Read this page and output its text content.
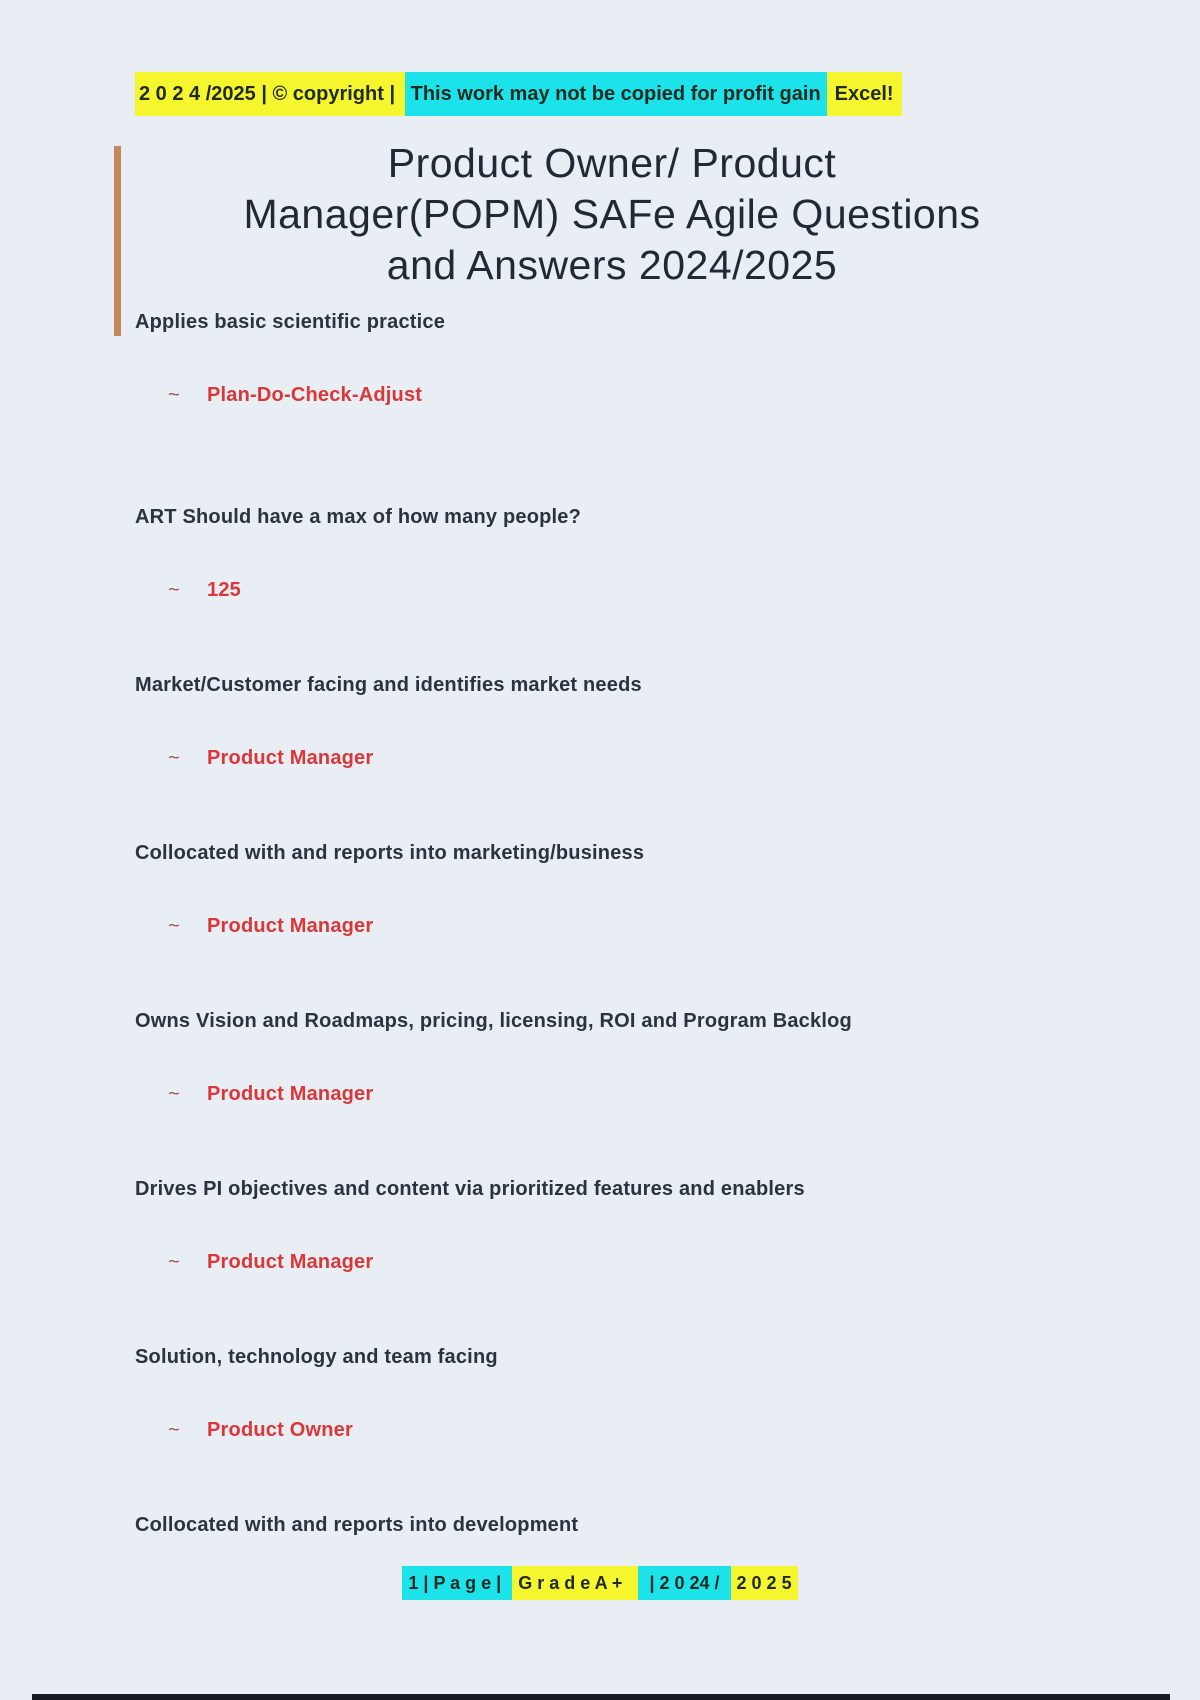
2 0 2 4 /2025 | © copyright | This work may not be copied for profit gain Excel!
Product Owner/ Product
Manager(POPM) SAFe Agile Questions
and Answers 2024/2025

Applies basic scientific practice

~ Plan-Do-Check-Adjust

ART Should have a max of how many people?

~ 125

Market/Customer facing and identifies market needs

~ Product Manager

Collocated with and reports into marketing/business

~ Product Manager

Owns Vision and Roadmaps, pricing, licensing, ROI and Program Backlog

~ Product Manager

Drives PI objectives and content via prioritized features and enablers

~ Product Manager

Solution, technology and team facing

~ Product Owner

Collocated with and reports into development

1 | P a g e | G r a d e A +   | 2 0 24 / 2 0 2 5
